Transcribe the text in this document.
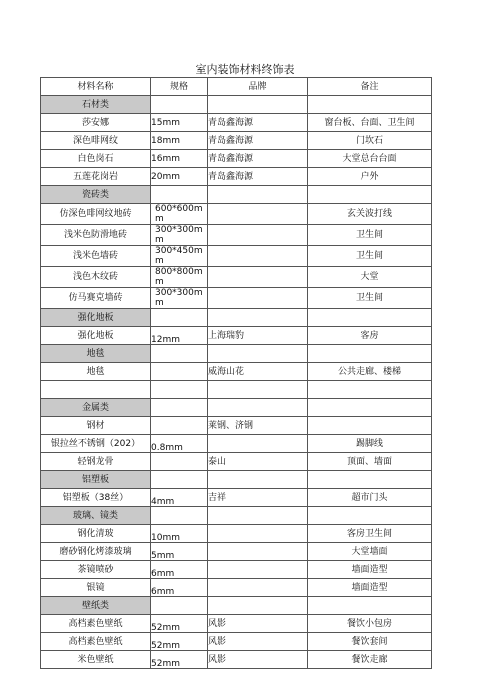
室内装饰材料终饰表
材料名称	规格	品牌	备注
石材类			
莎安娜	15mm	青岛鑫海源	窗台板、台面、卫生间
深色啡网纹	18mm	青岛鑫海源	门坎石
白色岗石	16mm	青岛鑫海源	大堂总台台面
五莲花岗岩	20mm	青岛鑫海源	户外
瓷砖类			
仿深色啡网纹地砖	600*600m m		玄关波打线
浅米色防滑地砖	300*300m m		卫生间
浅米色墙砖	300*450m m		卫生间
浅色木纹砖	800*800m m		大堂
仿马赛克墙砖	300*300m m		卫生间
强化地板			
强化地板	12mm	上海瑞豹	客房
地毯			
地毯		威海山花	公共走廊、楼梯

金属类			
钢材		莱钢、济钢	
银拉丝不锈钢（202）	0.8mm		踢脚线
轻钢龙骨		泰山	顶面、墙面
铝塑板			
铝塑板（38丝）	4mm	吉祥	超市门头
玻璃、镜类			
钢化清玻	10mm		客房卫生间
磨砂钢化烤漆玻璃	5mm		大堂墙面
茶镜喷砂	6mm		墙面造型
银镜	6mm		墙面造型
壁纸类			
高档素色壁纸	52mm	风影	餐饮小包房
高档素色壁纸	52mm	风影	餐饮套间
米色壁纸	52mm	风影	餐饮走廊
